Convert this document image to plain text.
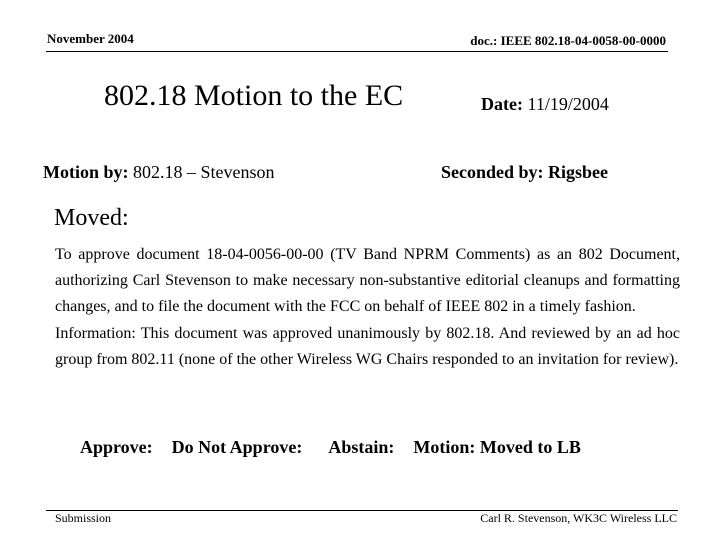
November 2004	doc.: IEEE 802.18-04-0058-00-0000
802.18 Motion to the EC	Date: 11/19/2004
Motion by: 802.18 – Stevenson	Seconded by: Rigsbee
Moved:

To approve document 18-04-0056-00-00 (TV Band NPRM Comments) as an 802 Document, authorizing Carl Stevenson to make necessary non-substantive editorial cleanups and formatting changes, and to file the document with the FCC on behalf of IEEE 802 in a timely fashion.

Information: This document was approved unanimously by 802.18. And reviewed by an ad hoc group from 802.11 (none of the other Wireless WG Chairs responded to an invitation for review).

Approve: Do Not Approve: Abstain: Motion: Moved to LB
Submission	Carl R. Stevenson, WK3C Wireless LLC
